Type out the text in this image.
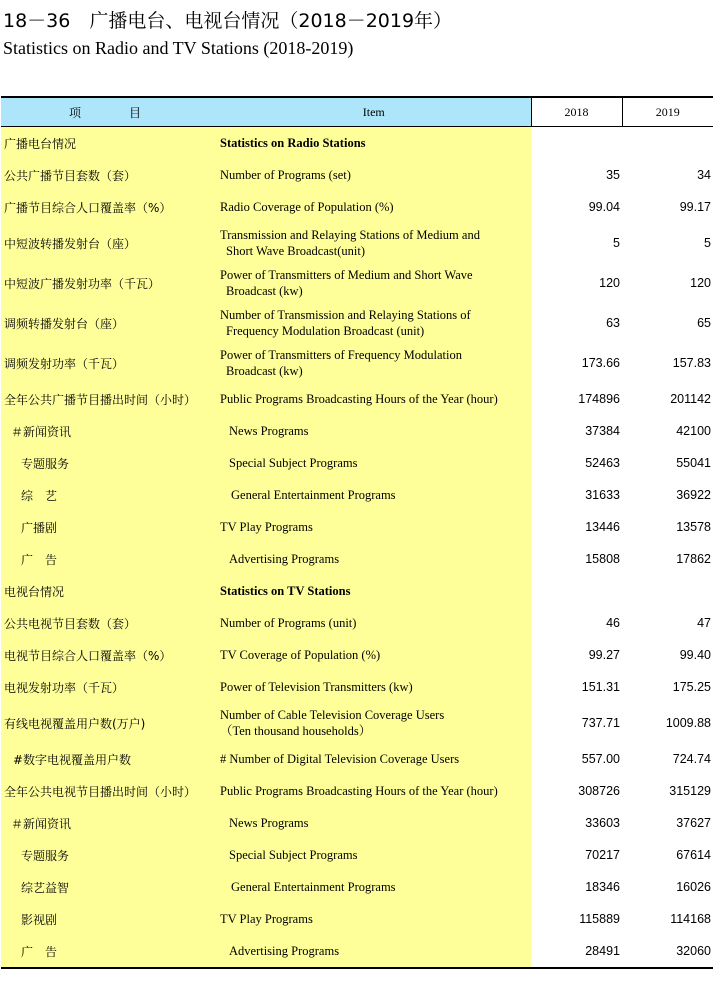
18－36　广播电台、电视台情况（2018－2019年）
Statistics on Radio and TV Stations (2018-2019)
项　　目	Item	2018	2019
广播电台情况	Statistics on Radio Stations		
公共广播节目套数（套）	Number of Programs (set)	35	34
广播节目综合人口覆盖率（%）	Radio Coverage of Population (%)	99.04	99.17
中短波转播发射台（座）	Transmission and Relaying Stations of Medium and
Short Wave Broadcast(unit)	5	5
中短波广播发射功率（千瓦）	Power of Transmitters of Medium and Short Wave
Broadcast (kw)	120	120
调频转播发射台（座）	Number of Transmission and Relaying Stations of
Frequency Modulation Broadcast (unit)	63	65
调频发射功率（千瓦）	Power of Transmitters of Frequency Modulation
Broadcast (kw)	173.66	157.83
全年公共广播节目播出时间（小时）	Public Programs Broadcasting Hours of the Year (hour)	174896	201142
＃新闻资讯	News Programs	37384	42100
专题服务	Special Subject Programs	52463	55041
综　艺	General Entertainment Programs	31633	36922
广播剧	TV Play Programs	13446	13578
广　告	Advertising Programs	15808	17862
电视台情况	Statistics on TV Stations		
公共电视节目套数（套）	Number of Programs (unit)	46	47
电视节目综合人口覆盖率（%）	TV Coverage of Population (%)	99.27	99.40
电视发射功率（千瓦）	Power of Television Transmitters (kw)	151.31	175.25
有线电视覆盖用户数(万户)	Number of Cable Television Coverage Users
（Ten thousand households）	737.71	1009.88
#数字电视覆盖用户数	# Number of Digital Television Coverage Users	557.00	724.74
全年公共电视节目播出时间（小时）	Public Programs Broadcasting Hours of the Year (hour)	308726	315129
＃新闻资讯	News Programs	33603	37627
专题服务	Special Subject Programs	70217	67614
综艺益智	General Entertainment Programs	18346	16026
影视剧	TV Play Programs	115889	114168
广　告	Advertising Programs	28491	32060
